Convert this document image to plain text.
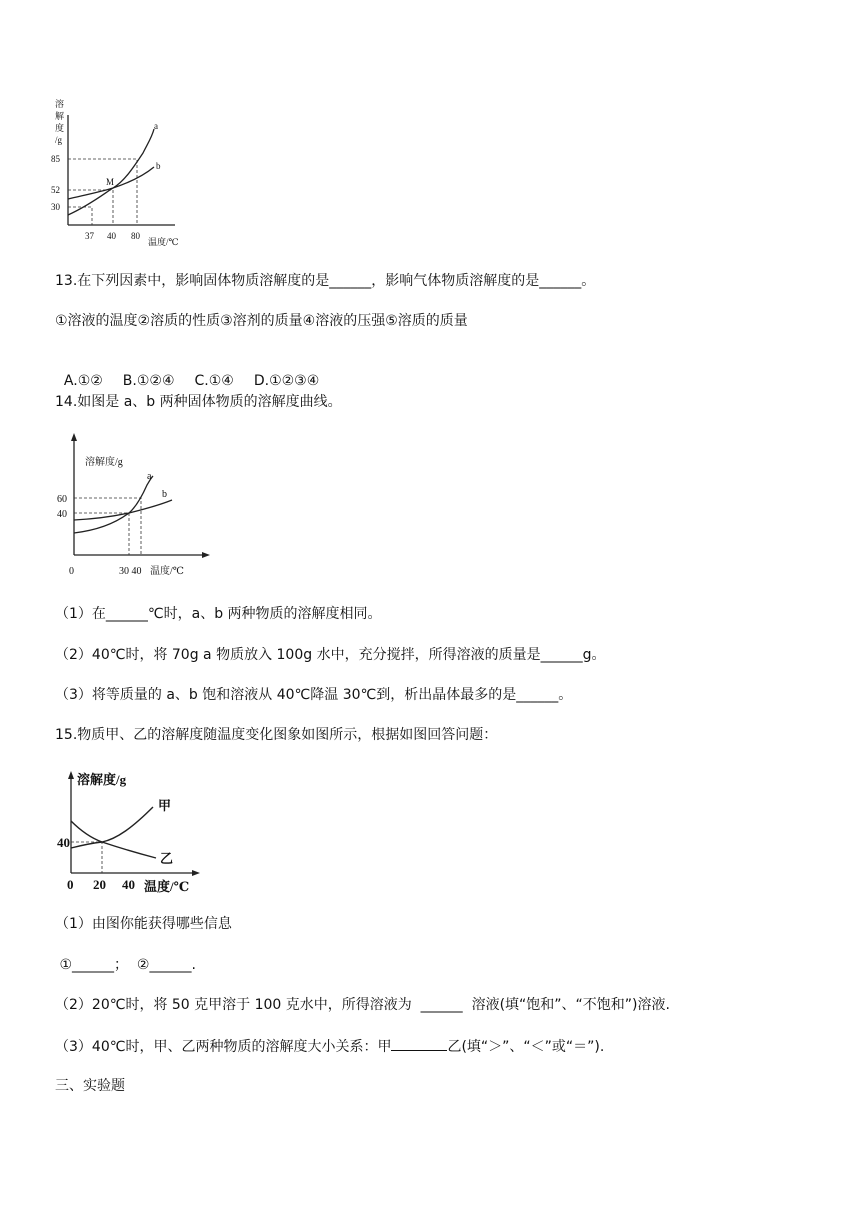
溶
解
度
/g
85
52
30
37 40 80
温度/℃
a
b
M
13.在下列因素中，影响固体物质溶解度的是______，影响气体物质溶解度的是______。
①溶液的温度②溶质的性质③溶剂的质量④溶液的压强⑤溶质的质量

A.①② B.①②④ C.①④ D.①②③④

14.如图是 a、b 两种固体物质的溶解度曲线。
溶解度/g
60
40
0	30 40 温度/℃
a
b
（1）在______℃时，a、b 两种物质的溶解度相同。
（2）40℃时，将 70g a 物质放入 100g 水中，充分搅拌，所得溶液的质量是______g。
（3）将等质量的 a、b 饱和溶液从 40℃降温 30℃到，析出晶体最多的是______。
15.物质甲、乙的溶解度随温度变化图象如图所示，根据如图回答问题：
溶解度/g
40
0 20 40 温度/℃
甲
乙
（1）由图你能获得哪些信息
①______；  ②______.
（2）20℃时，将 50 克甲溶于 100 克水中，所得溶液为  ______  溶液(填“饱和”、“不饱和”)溶液.
（3）40℃时，甲、乙两种物质的溶解度大小关系：甲	乙(填“＞”、“＜”或“＝”).
三、实验题
